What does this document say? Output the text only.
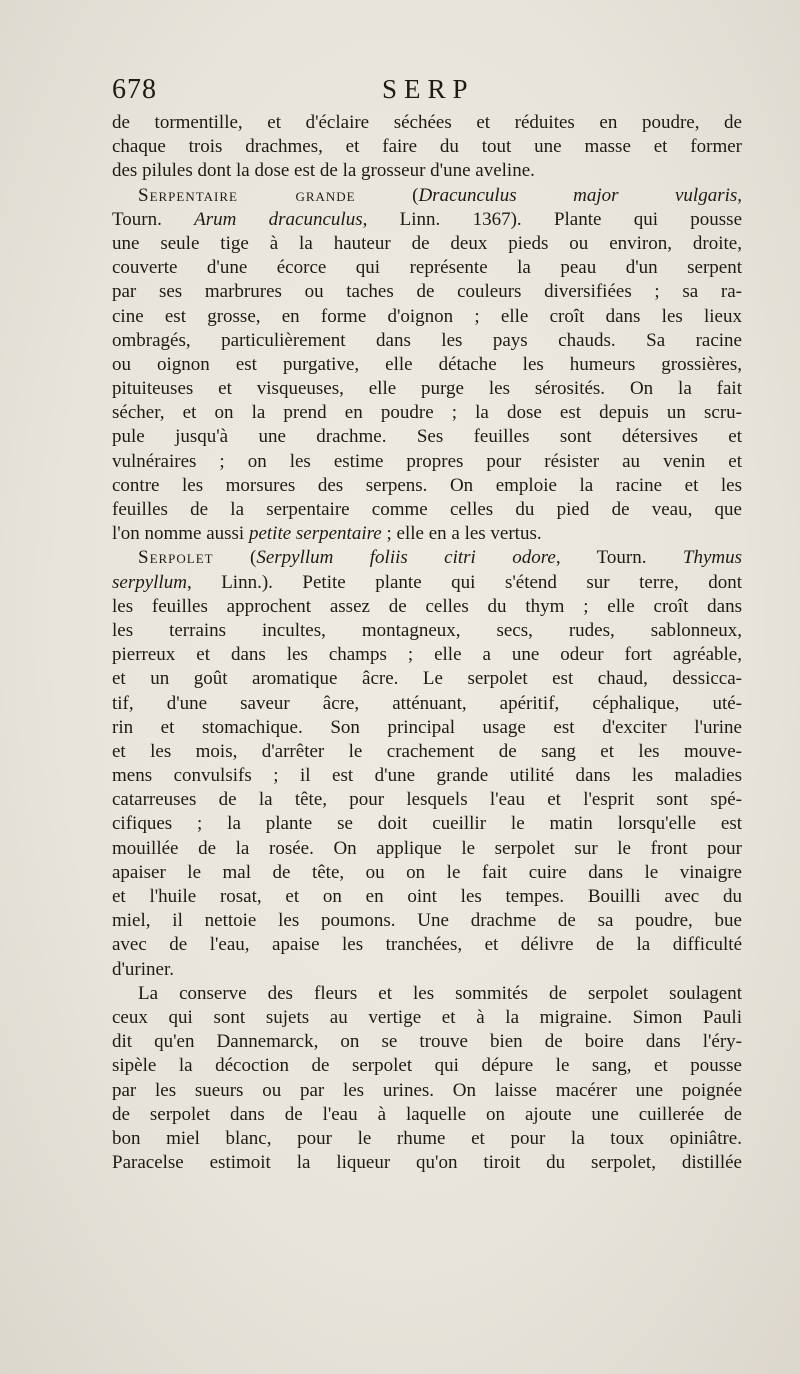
678	SERP
de tormentille, et d'éclaire séchées et réduites en poudre, de
chaque trois drachmes, et faire du tout une masse et former
des pilules dont la dose est de la grosseur d'une aveline.
Serpentaire grande (Dracunculus major vulgaris,
Tourn. Arum dracunculus, Linn. 1367). Plante qui pousse
une seule tige à la hauteur de deux pieds ou environ, droite,
couverte d'une écorce qui représente la peau d'un serpent
par ses marbrures ou taches de couleurs diversifiées ; sa ra-
cine est grosse, en forme d'oignon ; elle croît dans les lieux
ombragés, particulièrement dans les pays chauds. Sa racine
ou oignon est purgative, elle détache les humeurs grossières,
pituiteuses et visqueuses, elle purge les sérosités. On la fait
sécher, et on la prend en poudre ; la dose est depuis un scru-
pule jusqu'à une drachme. Ses feuilles sont détersives et
vulnéraires ; on les estime propres pour résister au venin et
contre les morsures des serpens. On emploie la racine et les
feuilles de la serpentaire comme celles du pied de veau, que
l'on nomme aussi petite serpentaire ; elle en a les vertus.
Serpolet (Serpyllum foliis citri odore, Tourn. Thymus
serpyllum, Linn.). Petite plante qui s'étend sur terre, dont
les feuilles approchent assez de celles du thym ; elle croît dans
les terrains incultes, montagneux, secs, rudes, sablonneux,
pierreux et dans les champs ; elle a une odeur fort agréable,
et un goût aromatique âcre. Le serpolet est chaud, dessicca-
tif, d'une saveur âcre, atténuant, apéritif, céphalique, uté-
rin et stomachique. Son principal usage est d'exciter l'urine
et les mois, d'arrêter le crachement de sang et les mouve-
mens convulsifs ; il est d'une grande utilité dans les maladies
catarreuses de la tête, pour lesquels l'eau et l'esprit sont spé-
cifiques ; la plante se doit cueillir le matin lorsqu'elle est
mouillée de la rosée. On applique le serpolet sur le front pour
apaiser le mal de tête, ou on le fait cuire dans le vinaigre
et l'huile rosat, et on en oint les tempes. Bouilli avec du
miel, il nettoie les poumons. Une drachme de sa poudre, bue
avec de l'eau, apaise les tranchées, et délivre de la difficulté
d'uriner.
La conserve des fleurs et les sommités de serpolet soulagent
ceux qui sont sujets au vertige et à la migraine. Simon Pauli
dit qu'en Dannemarck, on se trouve bien de boire dans l'éry-
sipèle la décoction de serpolet qui dépure le sang, et pousse
par les sueurs ou par les urines. On laisse macérer une poignée
de serpolet dans de l'eau à laquelle on ajoute une cuillerée de
bon miel blanc, pour le rhume et pour la toux opiniâtre.
Paracelse estimoit la liqueur qu'on tiroit du serpolet, distillée
